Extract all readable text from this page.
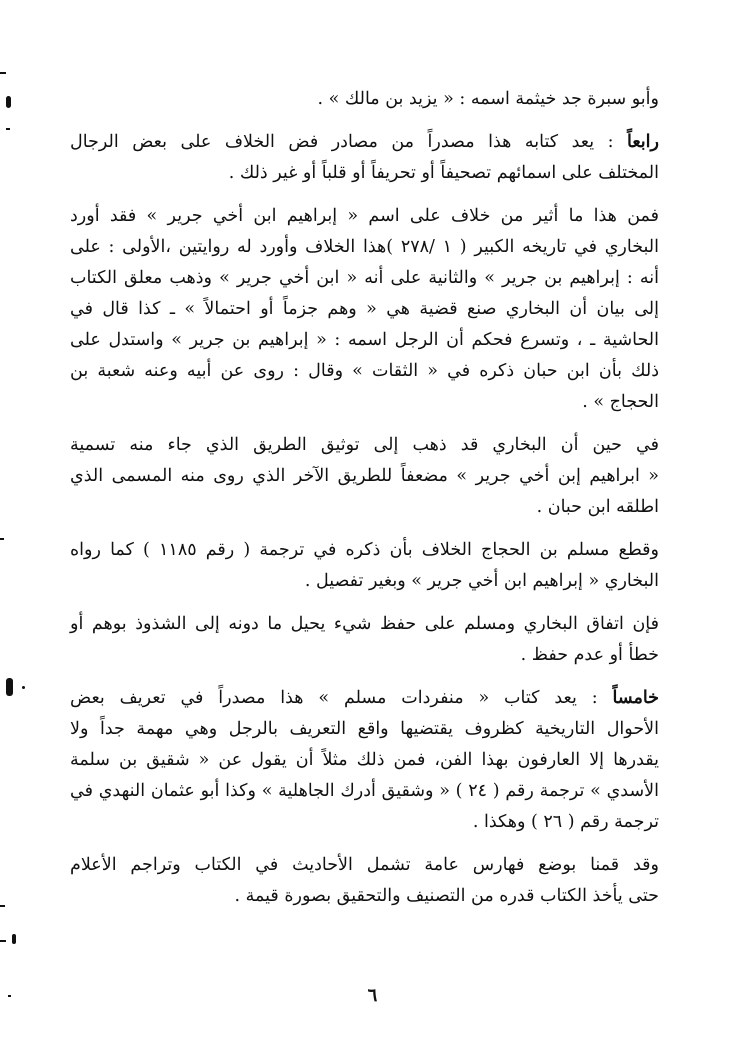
وأبو سبرة جد خيثمة اسمه : « يزيد بن مالك » .

رابعاً : يعد كتابه هذا مصدراً من مصادر فض الخلاف على بعض الرجال
المختلف على اسمائهم تصحيفاً أو تحريفاً أو قلباً أو غير ذلك .

فمن هذا ما أثير من خلاف على اسم « إبراهيم ابن أخي جرير » فقد أورد
البخاري في تاريخه الكبير ( ١ /٢٧٨ )هذا الخلاف وأورد له روايتين ،الأولى : على
أنه : إبراهيم بن جرير » والثانية على أنه « ابن أخي جرير » وذهب معلق الكتاب
إلى بيان أن البخاري صنع قضية هي « وهم جزماً أو احتمالاً » ـ كذا قال في
الحاشية ـ ، وتسرع فحكم أن الرجل اسمه : « إبراهيم بن جرير » واستدل على
ذلك بأن ابن حبان ذكره في « الثقات » وقال : روى عن أبيه وعنه شعبة بن
الحجاج » .

في حين أن البخاري قد ذهب إلى توثيق الطريق الذي جاء منه تسمية
« ابراهيم إبن أخي جرير » مضعفاً للطريق الآخر الذي روى منه المسمى الذي
اطلقه ابن حبان .

وقطع مسلم بن الحجاج الخلاف بأن ذكره في ترجمة ( رقم ١١٨٥ ) كما رواه
البخاري « إبراهيم ابن أخي جرير » وبغير تفصيل .

فإن اتفاق البخاري ومسلم على حفظ شيء يحيل ما دونه إلى الشذوذ بوهم أو
خطأ أو عدم حفظ .

خامساً : يعد كتاب « منفردات مسلم » هذا مصدراً في تعريف بعض
الأحوال التاريخية كظروف يقتضيها واقع التعريف بالرجل وهي مهمة جداً ولا
يقدرها إلا العارفون بهذا الفن، فمن ذلك مثلاً أن يقول عن « شقيق بن سلمة
الأسدي » ترجمة رقم ( ٢٤ ) « وشقيق أدرك الجاهلية » وكذا أبو عثمان النهدي في
ترجمة رقم ( ٢٦ ) وهكذا .

وقد قمنا بوضع فهارس عامة تشمل الأحاديث في الكتاب وتراجم الأعلام
حتى يأخذ الكتاب قدره من التصنيف والتحقيق بصورة قيمة .

٦
